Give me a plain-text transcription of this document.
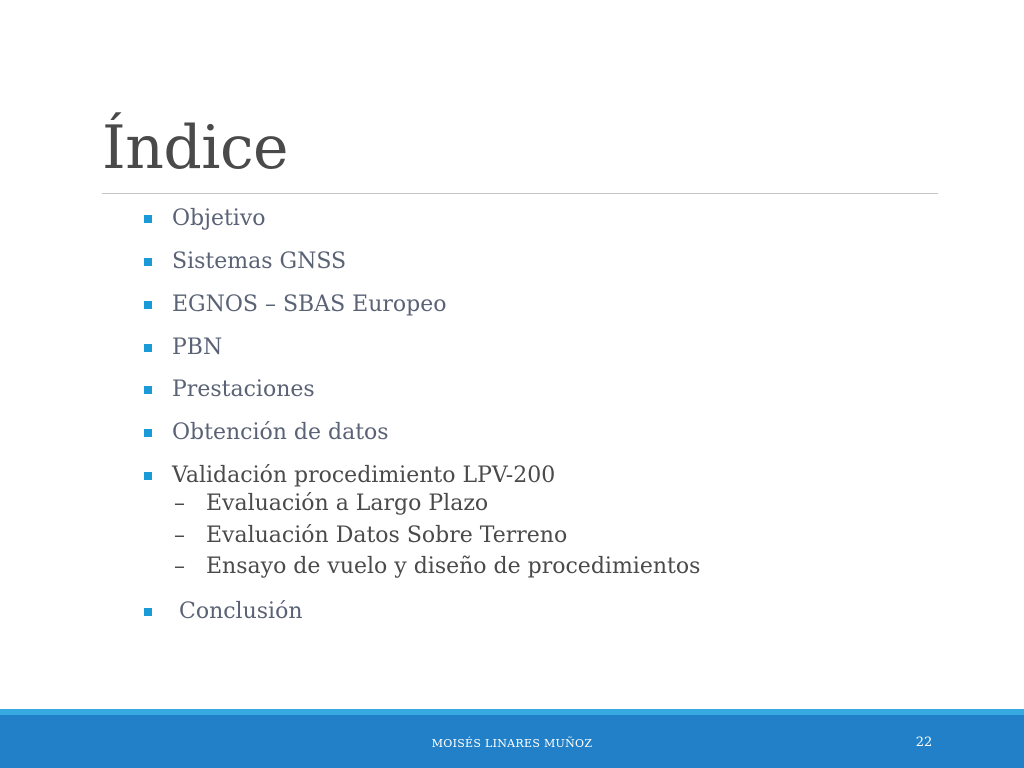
Índice
Objetivo
Sistemas GNSS
EGNOS – SBAS Europeo
PBN
Prestaciones
Obtención de datos
Validación procedimiento LPV-200
– Evaluación a Largo Plazo
– Evaluación Datos Sobre Terreno
– Ensayo de vuelo y diseño de procedimientos
Conclusión
MOISÉS LINARES MUÑOZ	22
